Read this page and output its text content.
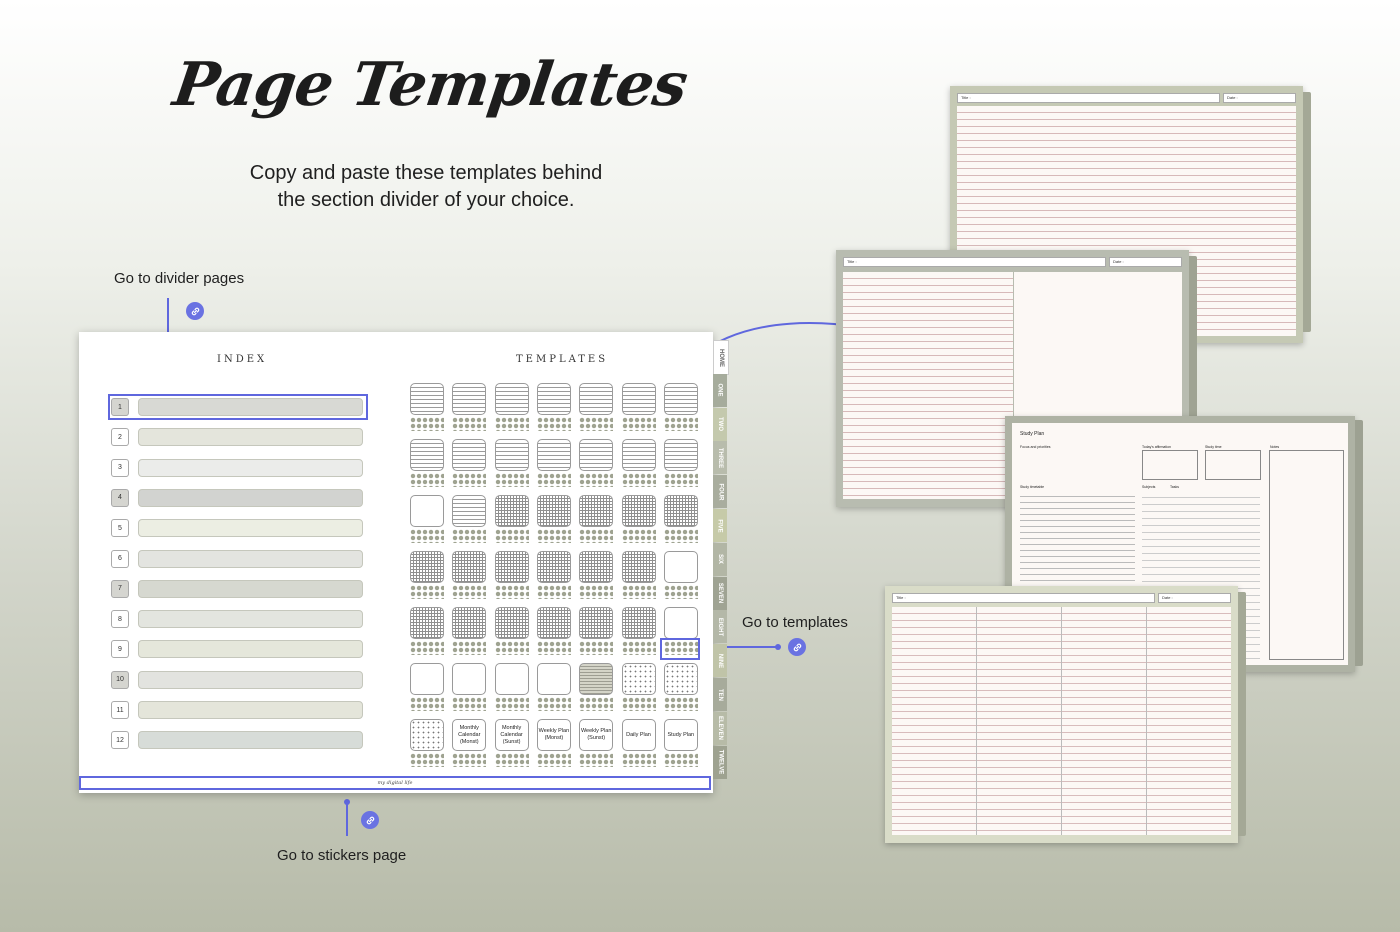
Page Templates
Copy and paste these templates behind
the section divider of your choice.
Go to divider pages
Go to templates
Go to stickers page
INDEX	TEMPLATES
1
2
3
4
5
6
7
8
9
10
11
12
Monthly Calendar (Monst)
Monthly Calendar (Sunst)
Weekly Plan (Monst)
Weekly Plan (Sunst)
Daily Plan	Study Plan
HOME
ONE
TWO
THREE
FOUR
FIVE
SIX
SEVEN
EIGHT
NINE
TEN
ELEVEN
TWELVE
my digital life
Title :	Date :
Title :	Date :
Study Plan
Focus and priorities	Today's affirmation	Study time	Notes
Study timetable	Subjects	Tasks
Title :	Date :
